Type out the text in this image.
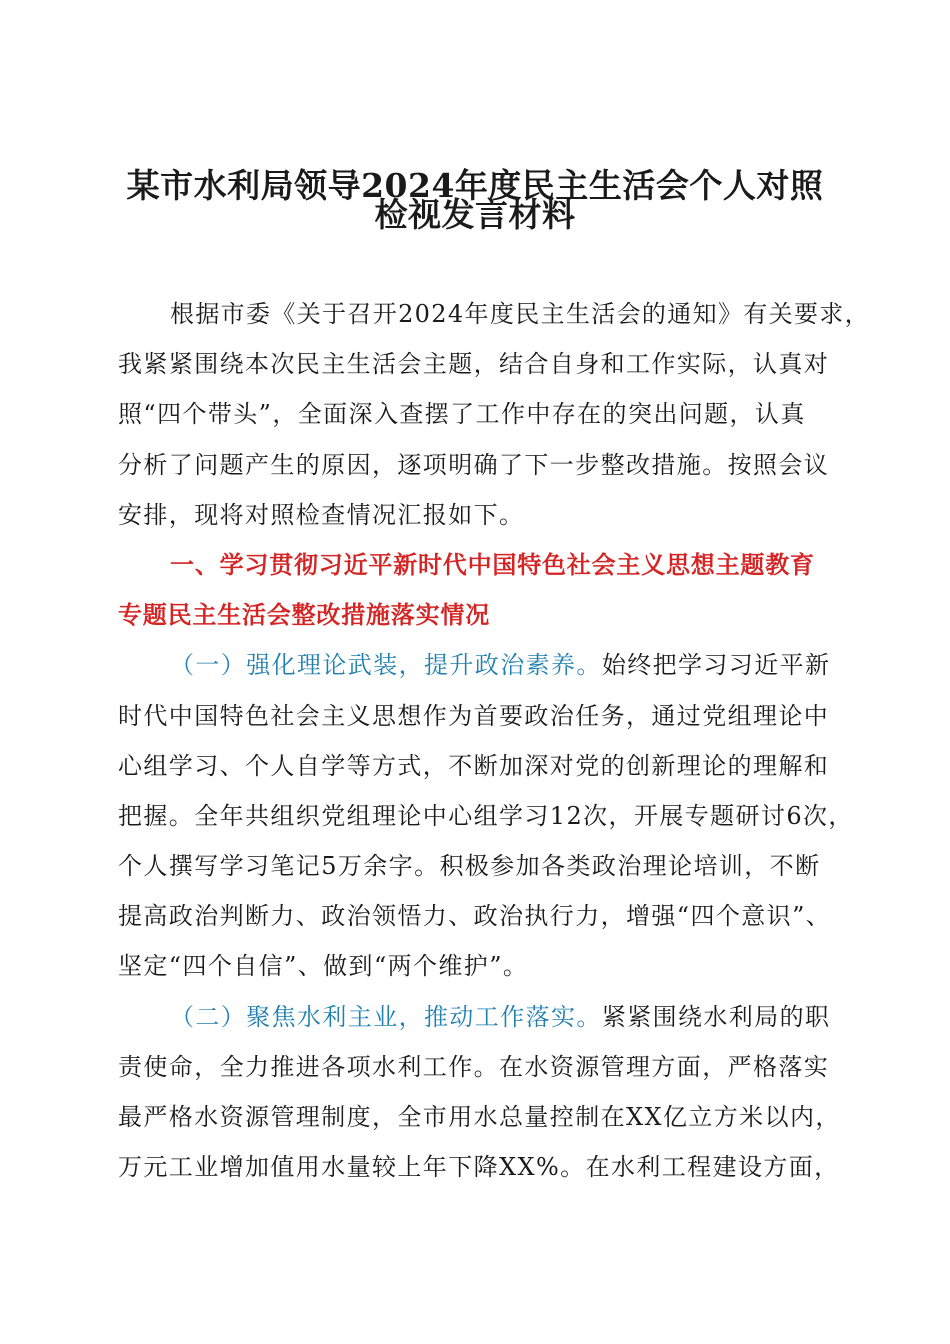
某市水利局领导2024年度民主生活会个人对照
检视发言材料
根据市委《关于召开2024年度民主生活会的通知》有关要求，
我紧紧围绕本次民主生活会主题，结合自身和工作实际，认真对
照“四个带头”，全面深入查摆了工作中存在的突出问题，认真
分析了问题产生的原因，逐项明确了下一步整改措施。按照会议
安排，现将对照检查情况汇报如下。
一、学习贯彻习近平新时代中国特色社会主义思想主题教育
专题民主生活会整改措施落实情况
（一）强化理论武装，提升政治素养。始终把学习习近平新
时代中国特色社会主义思想作为首要政治任务，通过党组理论中
心组学习、个人自学等方式，不断加深对党的创新理论的理解和
把握。全年共组织党组理论中心组学习12次，开展专题研讨6次，
个人撰写学习笔记5万余字。积极参加各类政治理论培训，不断
提高政治判断力、政治领悟力、政治执行力，增强“四个意识”、
坚定“四个自信”、做到“两个维护”。
（二）聚焦水利主业，推动工作落实。紧紧围绕水利局的职
责使命，全力推进各项水利工作。在水资源管理方面，严格落实
最严格水资源管理制度，全市用水总量控制在XX亿立方米以内，
万元工业增加值用水量较上年下降XX%。在水利工程建设方面，
